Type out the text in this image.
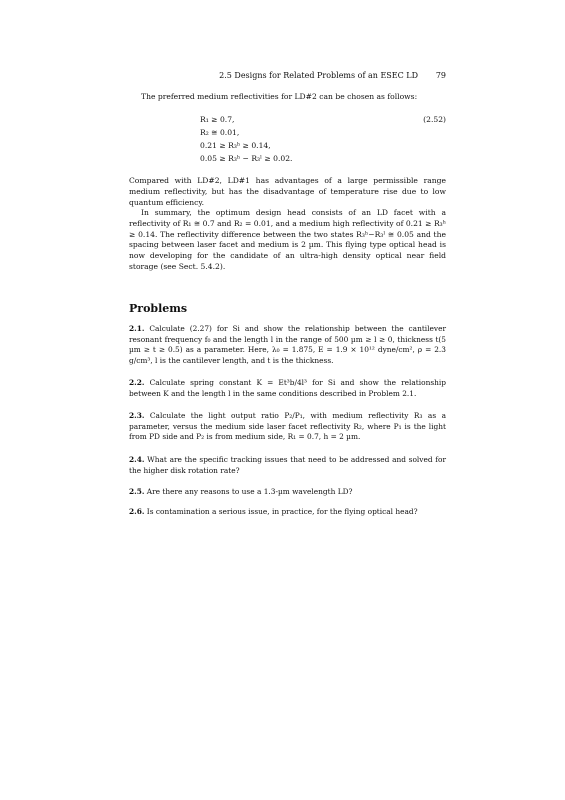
2.5 Designs for Related Problems of an ESEC LD 79

The preferred medium reflectivities for LD#2 can be chosen as follows:

(2.52)
R₁ ≥ 0.7,
R₂ ≅ 0.01,
0.21 ≥ R₃ʰ ≥ 0.14,
0.05 ≥ R₃ʰ − R₃ˡ ≥ 0.02.

Compared with LD#2, LD#1 has advantages of a large permissible range medium reflectivity, but has the disadvantage of temperature rise due to low quantum efficiency.

In summary, the optimum design head consists of an LD facet with a reflectivity of R₁ ≅ 0.7 and R₂ = 0.01, and a medium high reflectivity of 0.21 ≥ R₃ʰ ≥ 0.14. The reflectivity difference between the two states R₃ʰ−R₃ˡ ≅ 0.05 and the spacing between laser facet and medium is 2 µm. This flying type optical head is now developing for the candidate of an ultra-high density optical near field storage (see Sect. 5.4.2).

Problems

2.1. Calculate (2.27) for Si and show the relationship between the cantilever resonant frequency f₀ and the length l in the range of 500 µm ≥ l ≥ 0, thickness t(5 µm ≥ t ≥ 0.5) as a parameter. Here, λ₀ = 1.875, E = 1.9 × 10¹² dyne/cm², ρ = 2.3 g/cm³, l is the cantilever length, and t is the thickness.

2.2. Calculate spring constant K = Et³b/4l³ for Si and show the relationship between K and the length l in the same conditions described in Problem 2.1.

2.3. Calculate the light output ratio P₂/P₁, with medium reflectivity R₃ as a parameter, versus the medium side laser facet reflectivity R₂, where P₁ is the light from PD side and P₂ is from medium side, R₁ = 0.7, h = 2 µm.

2.4. What are the specific tracking issues that need to be addressed and solved for the higher disk rotation rate?

2.5. Are there any reasons to use a 1.3-µm wavelength LD?

2.6. Is contamination a serious issue, in practice, for the flying optical head?
